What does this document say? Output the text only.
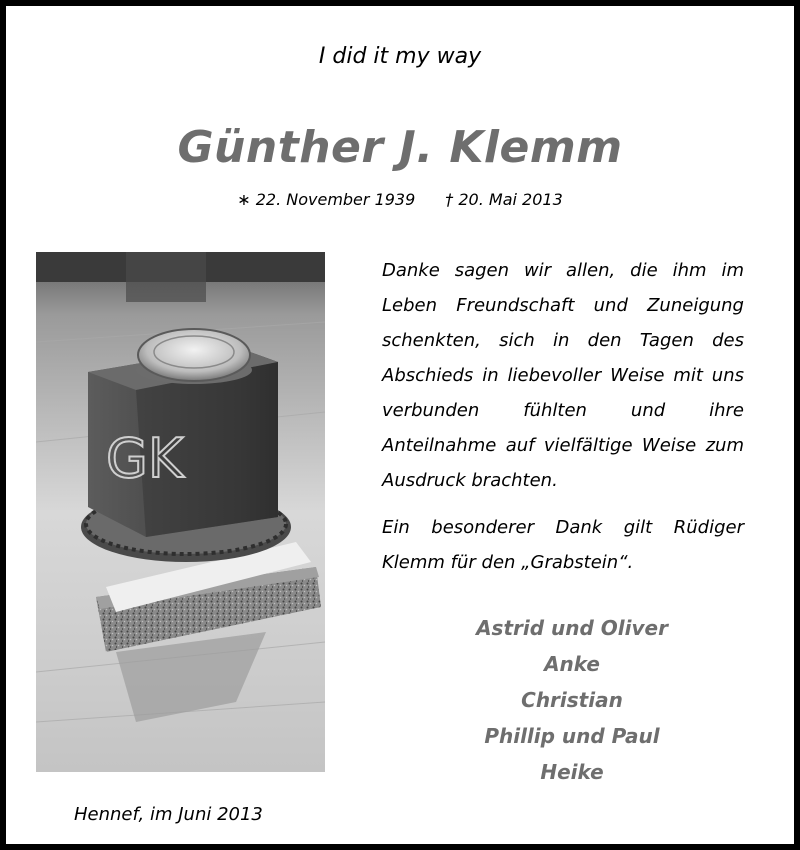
I did it my way
Günther J. Klemm
∗ 22. November 1939 † 20. Mai 2013
GK

Danke sagen wir allen, die ihm im Leben Freundschaft und Zuneigung schenkten, sich in den Tagen des Abschieds in liebevoller Weise mit uns verbunden fühlten und ihre Anteilnahme auf vielfältige Weise zum Ausdruck brachten.

Ein besonderer Dank gilt Rüdiger Klemm für den „Grabstein“.

Astrid und Oliver
Anke
Christian
Phillip und Paul
Heike
Hennef, im Juni 2013
